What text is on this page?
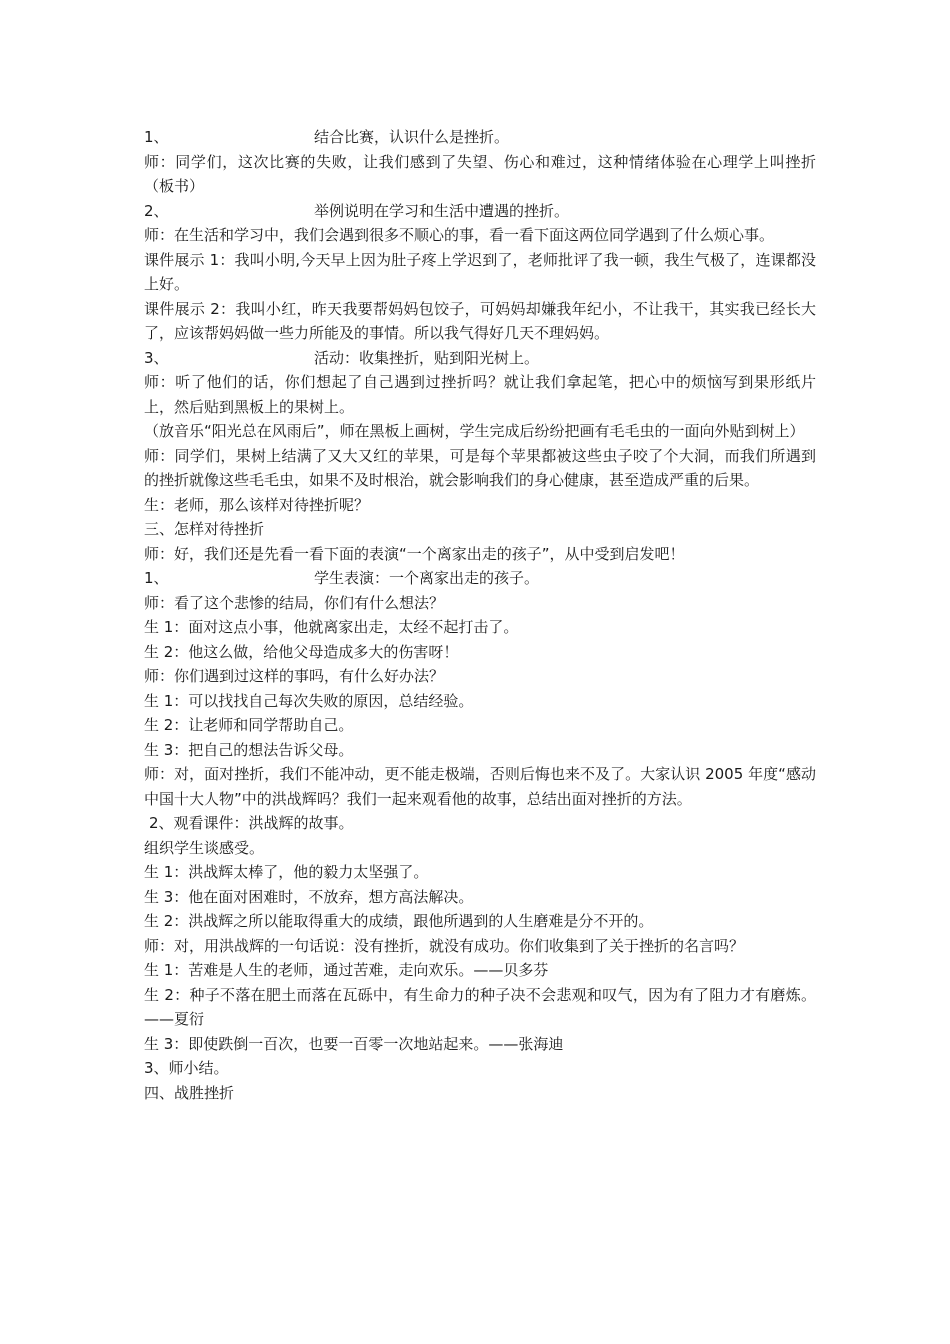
1、	结合比赛，认识什么是挫折。
师：同学们，这次比赛的失败，让我们感到了失望、伤心和难过，这种情绪体验在心理学上叫挫折（板书）
2、	举例说明在学习和生活中遭遇的挫折。
师：在生活和学习中，我们会遇到很多不顺心的事，看一看下面这两位同学遇到了什么烦心事。
课件展示 1：我叫小明,今天早上因为肚子疼上学迟到了，老师批评了我一顿，我生气极了，连课都没上好。
课件展示 2：我叫小红，昨天我要帮妈妈包饺子，可妈妈却嫌我年纪小，不让我干，其实我已经长大了，应该帮妈妈做一些力所能及的事情。所以我气得好几天不理妈妈。
3、	活动：收集挫折，贴到阳光树上。
师：听了他们的话，你们想起了自己遇到过挫折吗？就让我们拿起笔，把心中的烦恼写到果形纸片上，然后贴到黑板上的果树上。
（放音乐“阳光总在风雨后”，师在黑板上画树，学生完成后纷纷把画有毛毛虫的一面向外贴到树上）
师：同学们，果树上结满了又大又红的苹果，可是每个苹果都被这些虫子咬了个大洞，而我们所遇到的挫折就像这些毛毛虫，如果不及时根治，就会影响我们的身心健康，甚至造成严重的后果。
生：老师，那么该样对待挫折呢？
三、怎样对待挫折
师：好，我们还是先看一看下面的表演“一个离家出走的孩子”，从中受到启发吧！
1、	学生表演：一个离家出走的孩子。
师：看了这个悲惨的结局，你们有什么想法？
生 1：面对这点小事，他就离家出走，太经不起打击了。
生 2：他这么做，给他父母造成多大的伤害呀！
师：你们遇到过这样的事吗，有什么好办法？
生 1：可以找找自己每次失败的原因，总结经验。
生 2：让老师和同学帮助自己。
生 3：把自己的想法告诉父母。
师：对，面对挫折，我们不能冲动，更不能走极端，否则后悔也来不及了。大家认识 2005 年度“感动中国十大人物”中的洪战辉吗？我们一起来观看他的故事，总结出面对挫折的方法。
2、观看课件：洪战辉的故事。
组织学生谈感受。
生 1：洪战辉太棒了，他的毅力太坚强了。
生 3：他在面对困难时，不放弃，想方高法解决。
生 2：洪战辉之所以能取得重大的成绩，跟他所遇到的人生磨难是分不开的。
师：对，用洪战辉的一句话说：没有挫折，就没有成功。你们收集到了关于挫折的名言吗？
生 1：苦难是人生的老师，通过苦难，走向欢乐。——贝多芬
生 2：种子不落在肥土而落在瓦砾中，有生命力的种子决不会悲观和叹气，因为有了阻力才有磨炼。——夏衍
生 3：即使跌倒一百次，也要一百零一次地站起来。——张海迪
3、师小结。
四、战胜挫折
